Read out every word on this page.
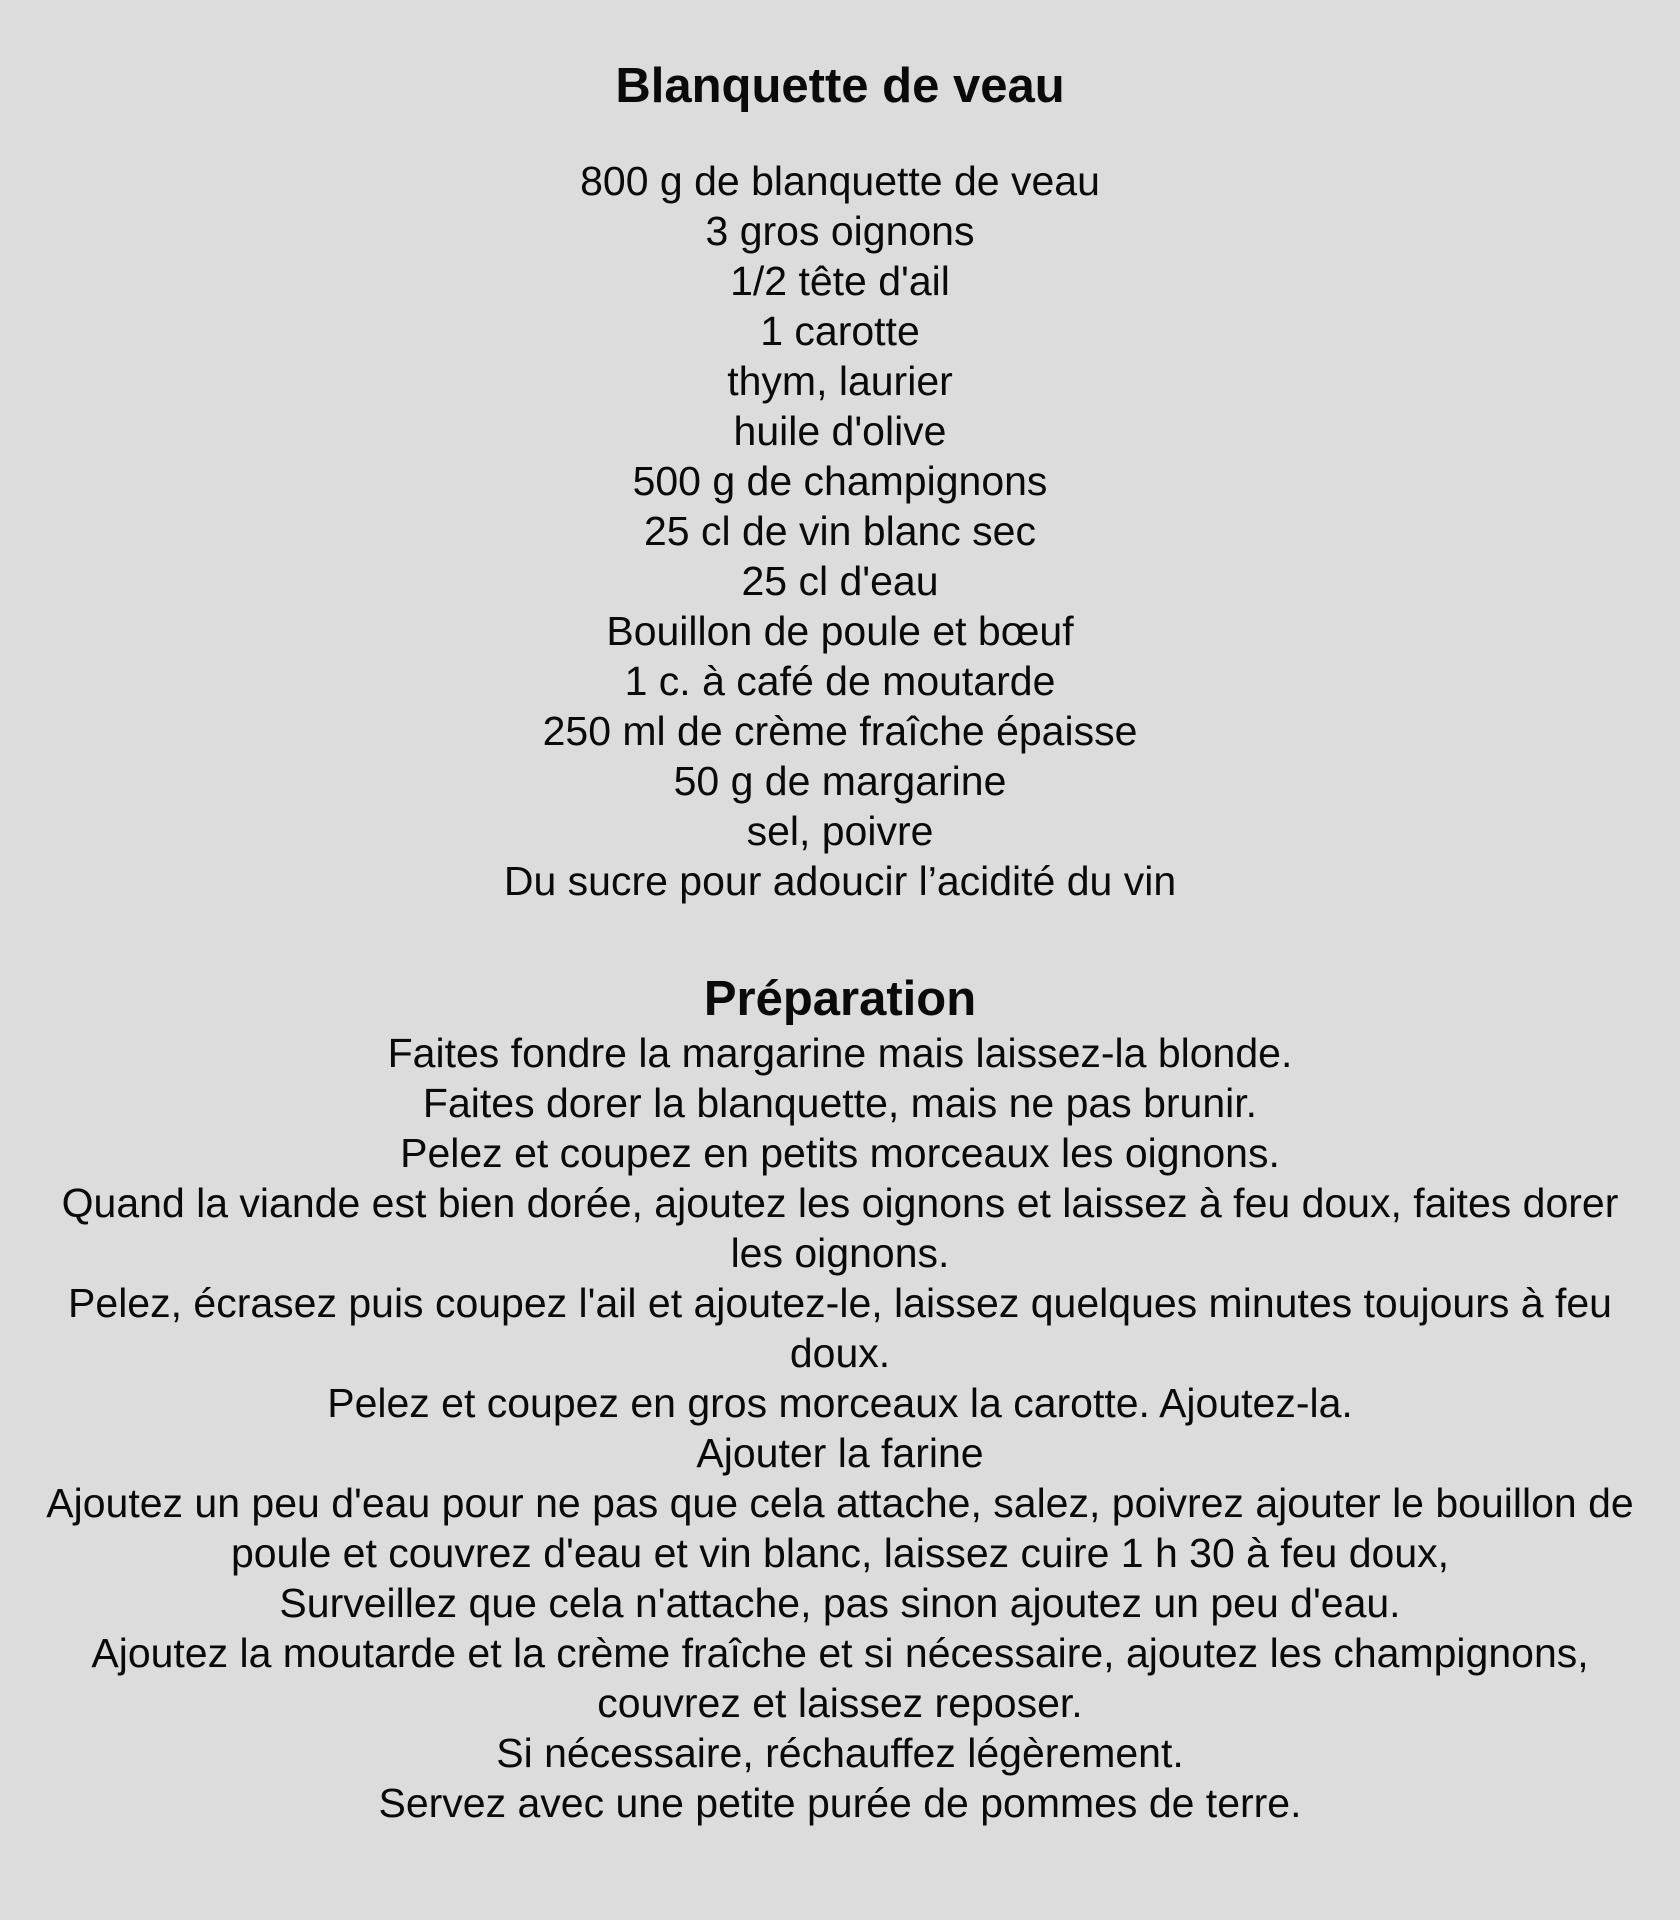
Blanquette de veau
800 g de blanquette de veau
3 gros oignons
1/2 tête d'ail
1 carotte
thym, laurier
huile d'olive
500 g de champignons
25 cl de vin blanc sec
25 cl d'eau
Bouillon de poule et bœuf
1 c. à café de moutarde
250 ml de crème fraîche épaisse
50 g de margarine
sel, poivre
Du sucre pour adoucir l’acidité du vin
Préparation
Faites fondre la margarine mais laissez-la blonde.
Faites dorer la blanquette, mais ne pas brunir.
Pelez et coupez en petits morceaux les oignons.
Quand la viande est bien dorée, ajoutez les oignons et laissez à feu doux, faites dorer les oignons.
Pelez, écrasez puis coupez l'ail et ajoutez-le, laissez quelques minutes toujours à feu doux.
Pelez et coupez en gros morceaux la carotte. Ajoutez-la.
Ajouter la farine
Ajoutez un peu d'eau pour ne pas que cela attache, salez, poivrez ajouter le bouillon de poule et couvrez d'eau et vin blanc, laissez cuire 1 h 30 à feu doux,
Surveillez que cela n'attache, pas sinon ajoutez un peu d'eau.
Ajoutez la moutarde et la crème fraîche et si nécessaire, ajoutez les champignons, couvrez et laissez reposer.
Si nécessaire, réchauffez légèrement.
Servez avec une petite purée de pommes de terre.
